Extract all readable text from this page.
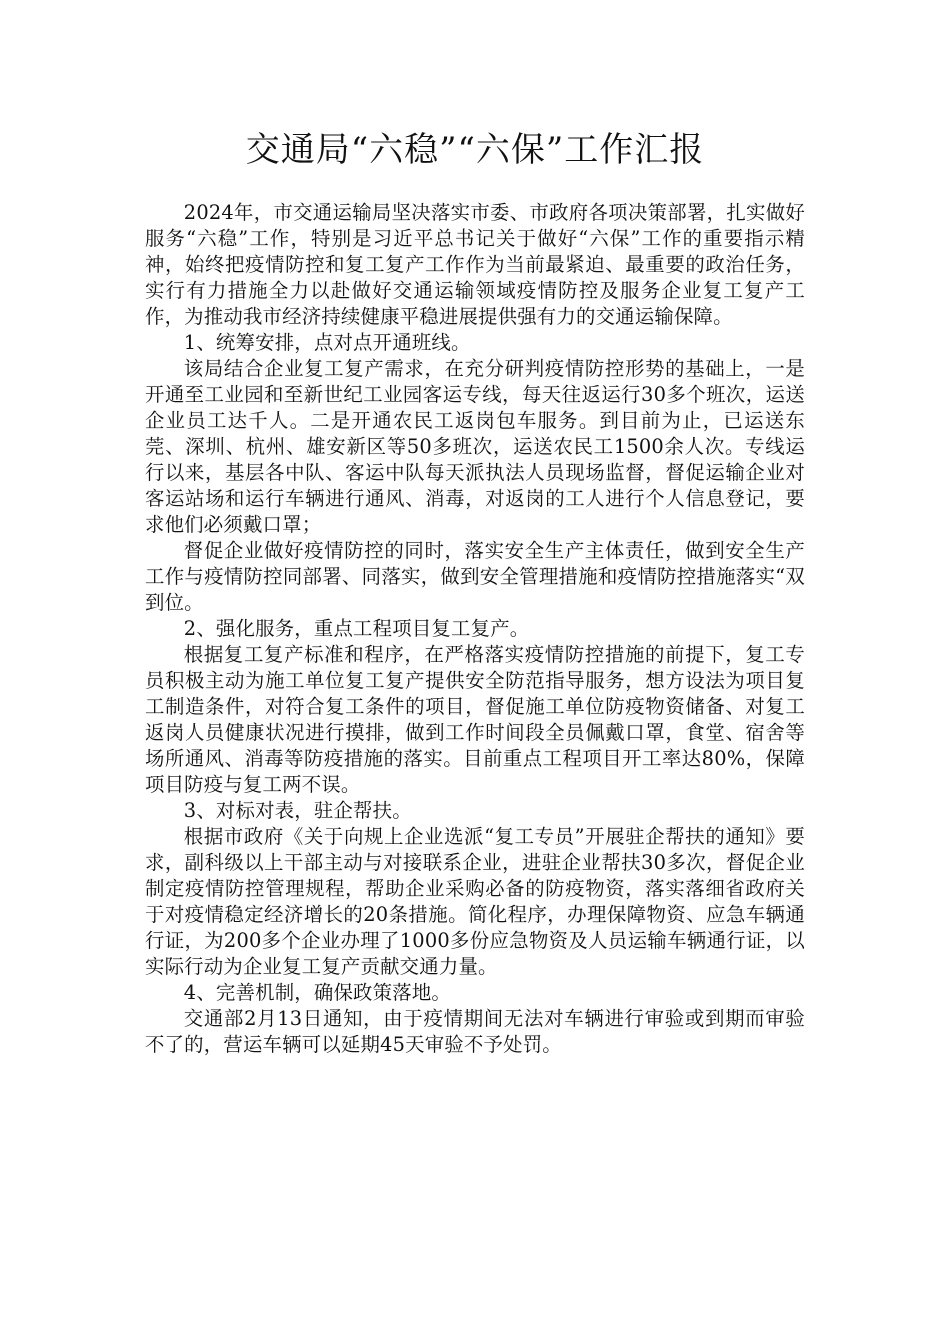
交通局“六稳”“六保”工作汇报

2024年，市交通运输局坚决落实市委、市政府各项决策部署，扎实做好服务“六稳”工作，特别是习近平总书记关于做好“六保”工作的重要指示精神，始终把疫情防控和复工复产工作作为当前最紧迫、最重要的政治任务，实行有力措施全力以赴做好交通运输领域疫情防控及服务企业复工复产工作，为推动我市经济持续健康平稳进展提供强有力的交通运输保障。

1、统筹安排，点对点开通班线。

该局结合企业复工复产需求，在充分研判疫情防控形势的基础上，一是开通至工业园和至新世纪工业园客运专线，每天往返运行30多个班次，运送企业员工达千人。二是开通农民工返岗包车服务。到目前为止，已运送东莞、深圳、杭州、雄安新区等50多班次，运送农民工1500余人次。专线运行以来，基层各中队、客运中队每天派执法人员现场监督，督促运输企业对客运站场和运行车辆进行通风、消毒，对返岗的工人进行个人信息登记，要求他们必须戴口罩；

督促企业做好疫情防控的同时，落实安全生产主体责任，做到安全生产工作与疫情防控同部署、同落实，做到安全管理措施和疫情防控措施落实“双到位。

2、强化服务，重点工程项目复工复产。

根据复工复产标准和程序，在严格落实疫情防控措施的前提下，复工专员积极主动为施工单位复工复产提供安全防范指导服务，想方设法为项目复工制造条件，对符合复工条件的项目，督促施工单位防疫物资储备、对复工返岗人员健康状况进行摸排，做到工作时间段全员佩戴口罩，食堂、宿舍等场所通风、消毒等防疫措施的落实。目前重点工程项目开工率达80%，保障项目防疫与复工两不误。

3、对标对表，驻企帮扶。

根据市政府《关于向规上企业选派“复工专员”开展驻企帮扶的通知》要求，副科级以上干部主动与对接联系企业，进驻企业帮扶30多次，督促企业制定疫情防控管理规程，帮助企业采购必备的防疫物资，落实落细省政府关于对疫情稳定经济增长的20条措施。简化程序，办理保障物资、应急车辆通行证，为200多个企业办理了1000多份应急物资及人员运输车辆通行证，以实际行动为企业复工复产贡献交通力量。

4、完善机制，确保政策落地。

交通部2月13日通知，由于疫情期间无法对车辆进行审验或到期而审验不了的，营运车辆可以延期45天审验不予处罚。
